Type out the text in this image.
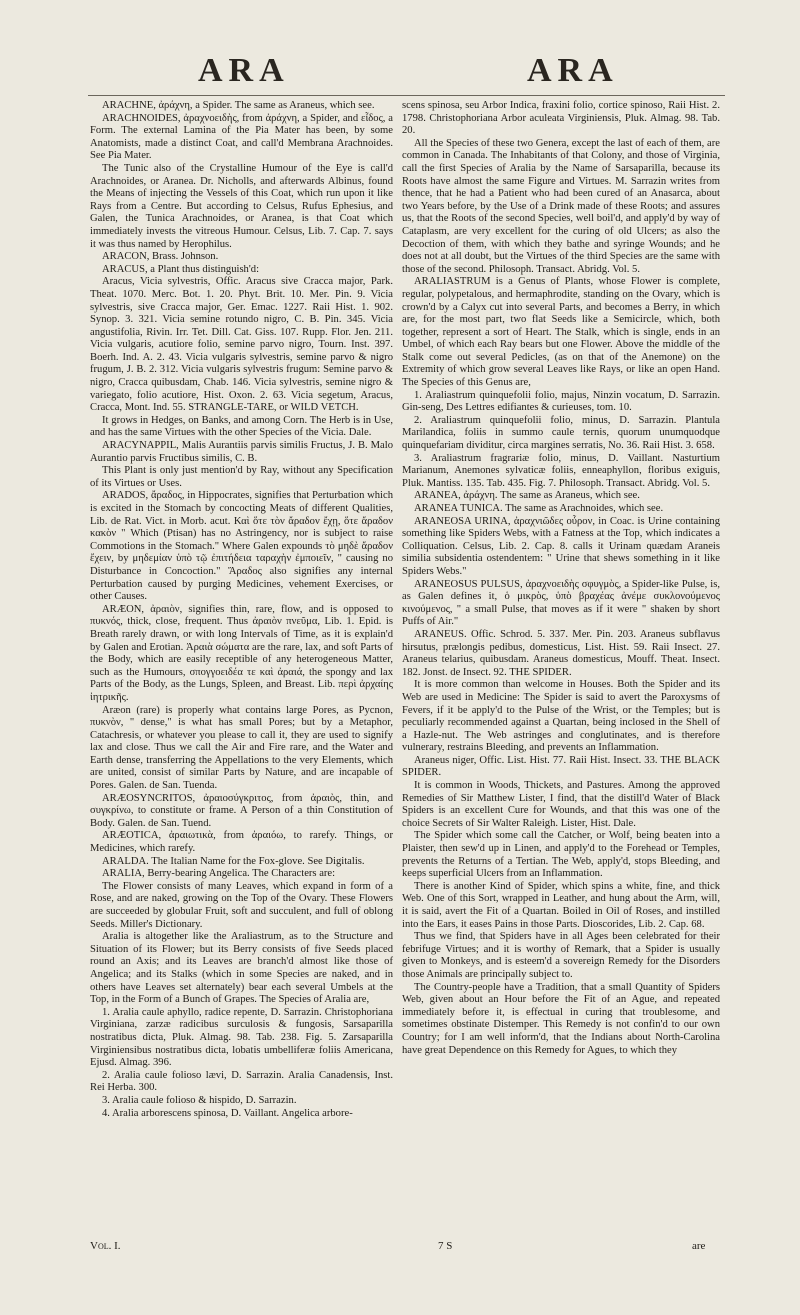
ARA	ARA

ARACHNE, ἀράχνη, a Spider. The same as Araneus, which see.

ARACHNOIDES, ἀραχνοειδὴς, from ἀράχνη, a Spider, and εἶδος, a Form. The external Lamina of the Pia Mater has been, by some Anatomists, made a distinct Coat, and call'd Membrana Arachnoides. See Pia Mater.

The Tunic also of the Crystalline Humour of the Eye is call'd Arachnoides, or Aranea. Dr. Nicholls, and afterwards Albinus, found the Means of injecting the Vessels of this Coat, which run upon it like Rays from a Centre. But according to Celsus, Rufus Ephesius, and Galen, the Tunica Arachnoides, or Aranea, is that Coat which immediately invests the vitreous Humour. Celsus, Lib. 7. Cap. 7. says it was thus named by Herophilus.

ARACON, Brass. Johnson.

ARACUS, a Plant thus distinguish'd:

Aracus, Vicia sylvestris, Offic. Aracus sive Cracca major, Park. Theat. 1070. Merc. Bot. 1. 20. Phyt. Brit. 10. Mer. Pin. 9. Vicia sylvestris, sive Cracca major, Ger. Emac. 1227. Raii Hist. 1. 902. Synop. 3. 321. Vicia semine rotundo nigro, C. B. Pin. 345. Vicia angustifolia, Rivin. Irr. Tet. Dill. Cat. Giss. 107. Rupp. Flor. Jen. 211. Vicia vulgaris, acutiore folio, semine parvo nigro, Tourn. Inst. 397. Boerh. Ind. A. 2. 43. Vicia vulgaris sylvestris, semine parvo & nigro frugum, J. B. 2. 312. Vicia vulgaris sylvestris frugum: Semine parvo & nigro, Cracca quibusdam, Chab. 146. Vicia sylvestris, semine nigro & variegato, folio acutiore, Hist. Oxon. 2. 63. Vicia segetum, Aracus, Cracca, Mont. Ind. 55. STRANGLE-TARE, or WILD VETCH.

It grows in Hedges, on Banks, and among Corn. The Herb is in Use, and has the same Virtues with the other Species of the Vicia. Dale.

ARACYNAPPIL, Malis Aurantiis parvis similis Fructus, J. B. Malo Aurantio parvis Fructibus similis, C. B.

This Plant is only just mention'd by Ray, without any Specification of its Virtues or Uses.

ARADOS, ἄραδος, in Hippocrates, signifies that Perturbation which is excited in the Stomach by concocting Meats of different Qualities, Lib. de Rat. Vict. in Morb. acut. Καὶ ὅτε τὸν ἄραδον ἔχῃ, ὅτε ἄραδον κακὸν " Which (Ptisan) has no Astringency, nor is subject to raise Commotions in the Stomach." Where Galen expounds τὸ μηδὲ ἄραδον ἔχειν, by μηδεμίαν ὑπὸ τῷ ἐπιτήδεια ταραχὴν ἐμποιεῖν, " causing no Disturbance in Concoction." Ἄραδος also signifies any internal Perturbation caused by purging Medicines, vehement Exercises, or other Causes.

ARÆON, ἀραιὸν, signifies thin, rare, flow, and is opposed to πυκνός, thick, close, frequent. Thus ἀραιὸν πνεῦμα, Lib. 1. Epid. is Breath rarely drawn, or with long Intervals of Time, as it is explain'd by Galen and Erotian. Ἀραιὰ σώματα are the rare, lax, and soft Parts of the Body, which are easily receptible of any heterogeneous Matter, such as the Humours, σπογγοειδέα τε καὶ ἀραιά, the spongy and lax Parts of the Body, as the Lungs, Spleen, and Breast. Lib. περὶ ἀρχαίης ἰητρικῆς.

Aræon (rare) is properly what contains large Pores, as Pycnon, πυκνὸν, " dense," is what has small Pores; but by a Metaphor, Catachresis, or whatever you please to call it, they are used to signify lax and close. Thus we call the Air and Fire rare, and the Water and Earth dense, transferring the Appellations to the very Elements, which are united, consist of similar Parts by Nature, and are incapable of Pores. Galen. de San. Tuenda.

ARÆOSYNCRITOS, ἀραιοσύγκριτος, from ἀραιὸς, thin, and συγκρίνω, to constitute or frame. A Person of a thin Constitution of Body. Galen. de San. Tuend.

ARÆOTICA, ἀραιωτικὰ, from ἀραιόω, to rarefy. Things, or Medicines, which rarefy.

ARALDA. The Italian Name for the Fox-glove. See Digitalis.

ARALIA, Berry-bearing Angelica. The Characters are:

The Flower consists of many Leaves, which expand in form of a Rose, and are naked, growing on the Top of the Ovary. These Flowers are succeeded by globular Fruit, soft and succulent, and full of oblong Seeds. Miller's Dictionary.

Aralia is altogether like the Araliastrum, as to the Structure and Situation of its Flower; but its Berry consists of five Seeds placed round an Axis; and its Leaves are branch'd almost like those of Angelica; and its Stalks (which in some Species are naked, and in others have Leaves set alternately) bear each several Umbels at the Top, in the Form of a Bunch of Grapes. The Species of Aralia are,

1. Aralia caule aphyllo, radice repente, D. Sarrazin. Christophoriana Virginiana, zarzæ radicibus surculosis & fungosis, Sarsaparilla nostratibus dicta, Pluk. Almag. 98. Tab. 238. Fig. 5. Zarsaparilla Virginiensibus nostratibus dicta, lobatis umbelliferæ foliis Americana, Ejusd. Almag. 396.

2. Aralia caule folioso lævi, D. Sarrazin. Aralia Canadensis, Inst. Rei Herba. 300.

3. Aralia caule folioso & hispido, D. Sarrazin.

4. Aralia arborescens spinosa, D. Vaillant. Angelica arbore-

scens spinosa, seu Arbor Indica, fraxini folio, cortice spinoso, Raii Hist. 2. 1798. Christophoriana Arbor aculeata Virginiensis, Pluk. Almag. 98. Tab. 20.

All the Species of these two Genera, except the last of each of them, are common in Canada. The Inhabitants of that Colony, and those of Virginia, call the first Species of Aralia by the Name of Sarsaparilla, because its Roots have almost the same Figure and Virtues. M. Sarrazin writes from thence, that he had a Patient who had been cured of an Anasarca, about two Years before, by the Use of a Drink made of these Roots; and assures us, that the Roots of the second Species, well boil'd, and apply'd by way of Cataplasm, are very excellent for the curing of old Ulcers; as also the Decoction of them, with which they bathe and syringe Wounds; and he does not at all doubt, but the Virtues of the third Species are the same with those of the second. Philosoph. Transact. Abridg. Vol. 5.

ARALIASTRUM is a Genus of Plants, whose Flower is complete, regular, polypetalous, and hermaphrodite, standing on the Ovary, which is crown'd by a Calyx cut into several Parts, and becomes a Berry, in which are, for the most part, two flat Seeds like a Semicircle, which, both together, represent a sort of Heart. The Stalk, which is single, ends in an Umbel, of which each Ray bears but one Flower. Above the middle of the Stalk come out several Pedicles, (as on that of the Anemone) on the Extremity of which grow several Leaves like Rays, or like an open Hand. The Species of this Genus are,

1. Araliastrum quinquefolii folio, majus, Ninzin vocatum, D. Sarrazin. Gin-seng, Des Lettres edifiantes & curieuses, tom. 10.

2. Araliastrum quinquefolii folio, minus, D. Sarrazin. Plantula Marilandica, foliis in summo caule ternis, quorum unumquodque quinquefariam dividitur, circa margines serratis, No. 36. Raii Hist. 3. 658.

3. Araliastrum fragrariæ folio, minus, D. Vaillant. Nasturtium Marianum, Anemones sylvaticæ foliis, enneaphyllon, floribus exiguis, Pluk. Mantiss. 135. Tab. 435. Fig. 7. Philosoph. Transact. Abridg. Vol. 5.

ARANEA, ἀράχνη. The same as Araneus, which see.

ARANEA TUNICA. The same as Arachnoides, which see.

ARANEOSA URINA, ἀραχνιῶδες οὖρον, in Coac. is Urine containing something like Spiders Webs, with a Fatness at the Top, which indicates a Colliquation. Celsus, Lib. 2. Cap. 8. calls it Urinam quædam Araneis similia subsidentia ostendentem: " Urine that shews something in it like Spiders Webs."

ARANEOSUS PULSUS, ἀραχνοειδὴς σφυγμὸς, a Spider-like Pulse, is, as Galen defines it, ὁ μικρὸς, ὑπὸ βραχέας ἀνέμε συκλονούμενος κινούμενος, " a small Pulse, that moves as if it were " shaken by short Puffs of Air."

ARANEUS. Offic. Schrod. 5. 337. Mer. Pin. 203. Araneus subflavus hirsutus, prælongis pedibus, domesticus, List. Hist. 59. Raii Insect. 27. Araneus telarius, quibusdam. Araneus domesticus, Mouff. Theat. Insect. 182. Jonst. de Insect. 92. THE SPIDER.

It is more common than welcome in Houses. Both the Spider and its Web are used in Medicine: The Spider is said to avert the Paroxysms of Fevers, if it be apply'd to the Pulse of the Wrist, or the Temples; but is peculiarly recommended against a Quartan, being inclosed in the Shell of a Hazle-nut. The Web astringes and conglutinates, and is therefore vulnerary, restrains Bleeding, and prevents an Inflammation.

Araneus niger, Offic. List. Hist. 77. Raii Hist. Insect. 33. THE BLACK SPIDER.

It is common in Woods, Thickets, and Pastures. Among the approved Remedies of Sir Matthew Lister, I find, that the distill'd Water of Black Spiders is an excellent Cure for Wounds, and that this was one of the choice Secrets of Sir Walter Raleigh. Lister, Hist. Dale.

The Spider which some call the Catcher, or Wolf, being beaten into a Plaister, then sew'd up in Linen, and apply'd to the Forehead or Temples, prevents the Returns of a Tertian. The Web, apply'd, stops Bleeding, and keeps superficial Ulcers from an Inflammation.

There is another Kind of Spider, which spins a white, fine, and thick Web. One of this Sort, wrapped in Leather, and hung about the Arm, will, it is said, avert the Fit of a Quartan. Boiled in Oil of Roses, and instilled into the Ears, it eases Pains in those Parts. Dioscorides, Lib. 2. Cap. 68.

Thus we find, that Spiders have in all Ages been celebrated for their febrifuge Virtues; and it is worthy of Remark, that a Spider is usually given to Monkeys, and is esteem'd a sovereign Remedy for the Disorders those Animals are principally subject to.

The Country-people have a Tradition, that a small Quantity of Spiders Web, given about an Hour before the Fit of an Ague, and repeated immediately before it, is effectual in curing that troublesome, and sometimes obstinate Distemper. This Remedy is not confin'd to our own Country; for I am well inform'd, that the Indians about North-Carolina have great Dependence on this Remedy for Agues, to which they

Vol. I.	7 S	are
